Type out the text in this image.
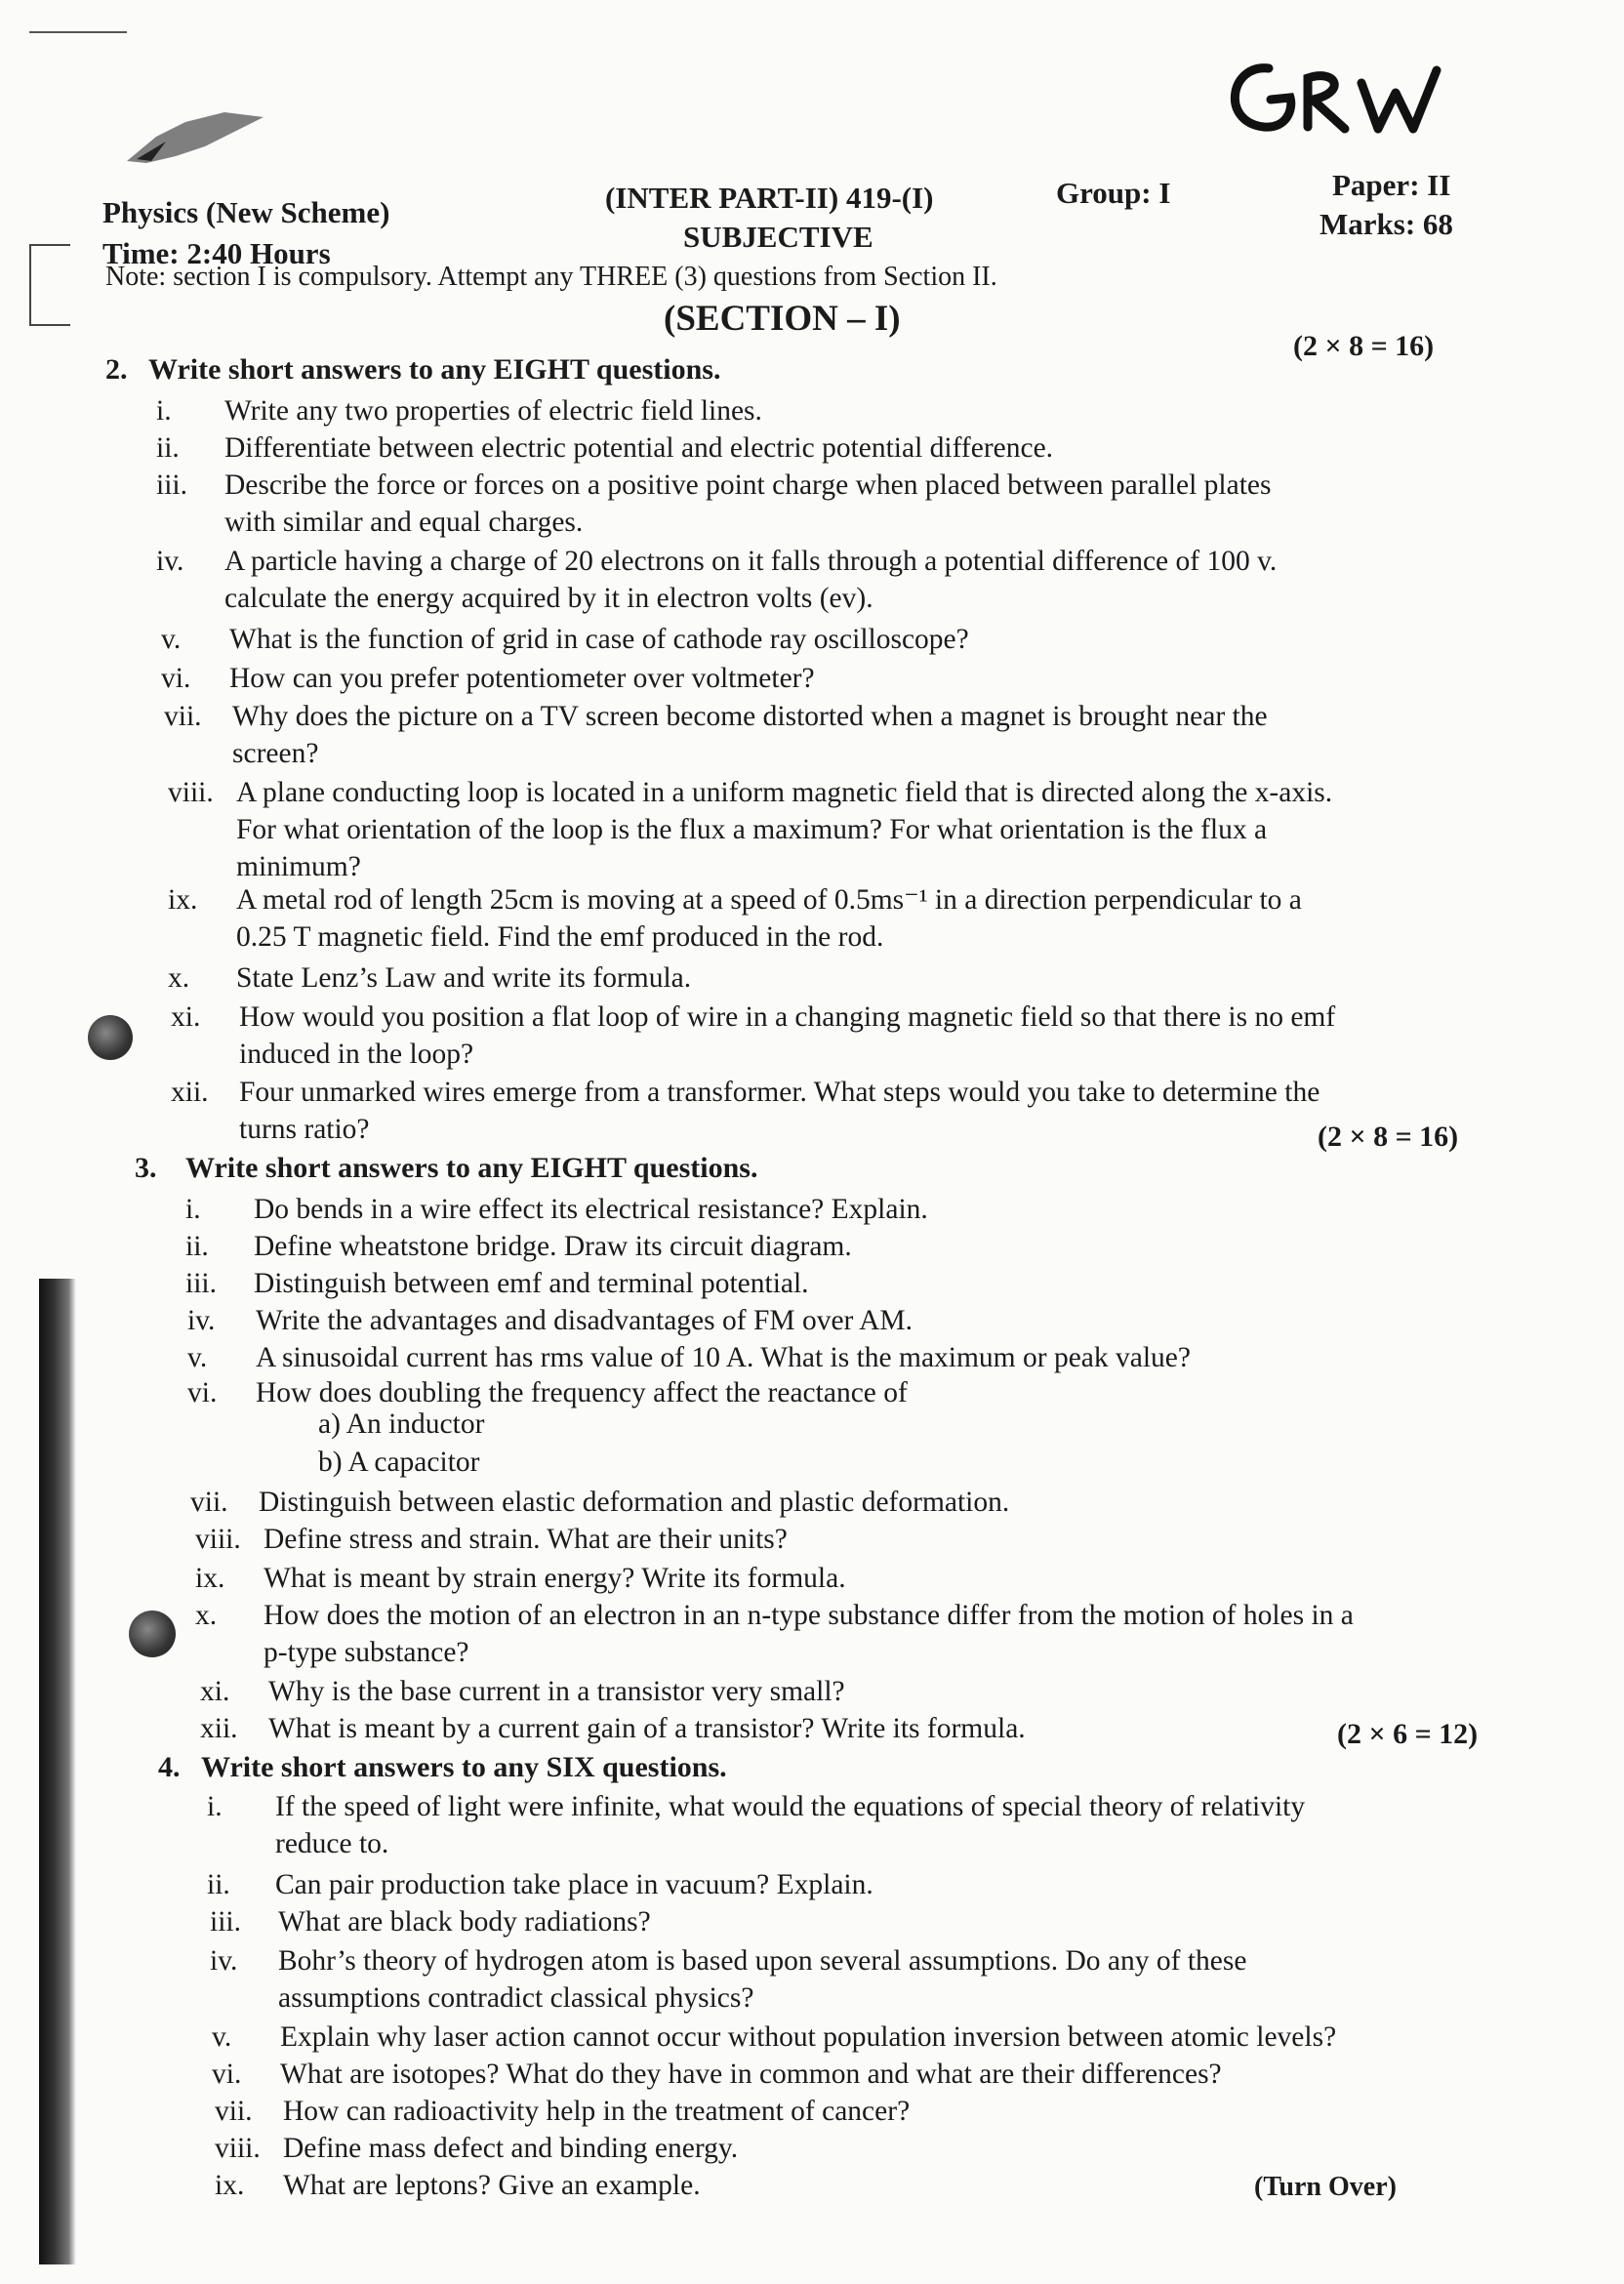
Physics (New Scheme)
Time: 2:40 Hours
(INTER PART-II) 419-(I)
SUBJECTIVE
Group: I	Paper: II
Marks: 68
Note: section I is compulsory. Attempt any THREE (3) questions from Section II.
(SECTION – I)
2. Write short answers to any EIGHT questions.
(2 × 8 = 16)
i.	Write any two properties of electric field lines.
ii.	Differentiate between electric potential and electric potential difference.
iii.	Describe the force or forces on a positive point charge when placed between parallel plates
with similar and equal charges.
iv.	A particle having a charge of 20 electrons on it falls through a potential difference of 100 v.
calculate the energy acquired by it in electron volts (ev).
v.	What is the function of grid in case of cathode ray oscilloscope?
vi.	How can you prefer potentiometer over voltmeter?
vii.	Why does the picture on a TV screen become distorted when a magnet is brought near the
screen?
viii. A plane conducting loop is located in a uniform magnetic field that is directed along the x-axis.
For what orientation of the loop is the flux a maximum? For what orientation is the flux a
minimum?
ix.	A metal rod of length 25cm is moving at a speed of 0.5ms⁻¹ in a direction perpendicular to a
0.25 T magnetic field. Find the emf produced in the rod.
x.	State Lenz’s Law and write its formula.
xi.	How would you position a flat loop of wire in a changing magnetic field so that there is no emf
induced in the loop?
xii.	Four unmarked wires emerge from a transformer. What steps would you take to determine the
turns ratio?
3. Write short answers to any EIGHT questions.
(2 × 8 = 16)
i.	Do bends in a wire effect its electrical resistance? Explain.
ii.	Define wheatstone bridge. Draw its circuit diagram.
iii.	Distinguish between emf and terminal potential.
iv.	Write the advantages and disadvantages of FM over AM.
v.	A sinusoidal current has rms value of 10 A. What is the maximum or peak value?
vi.	How does doubling the frequency affect the reactance of
vii.	Distinguish between elastic deformation and plastic deformation.
viii. Define stress and strain. What are their units?
ix.	What is meant by strain energy? Write its formula.
x.	How does the motion of an electron in an n-type substance differ from the motion of holes in a
p-type substance?
xi.	Why is the base current in a transistor very small?
xii.	What is meant by a current gain of a transistor? Write its formula.
a) An inductor
b) A capacitor
4. Write short answers to any SIX questions.
(2 × 6 = 12)
i.	If the speed of light were infinite, what would the equations of special theory of relativity
reduce to.
ii.	Can pair production take place in vacuum? Explain.
iii.	What are black body radiations?
iv.	Bohr’s theory of hydrogen atom is based upon several assumptions. Do any of these
assumptions contradict classical physics?
v.	Explain why laser action cannot occur without population inversion between atomic levels?
vi.	What are isotopes? What do they have in common and what are their differences?
vii.	How can radioactivity help in the treatment of cancer?
viii. Define mass defect and binding energy.
ix.	What are leptons? Give an example.	(Turn Over)
